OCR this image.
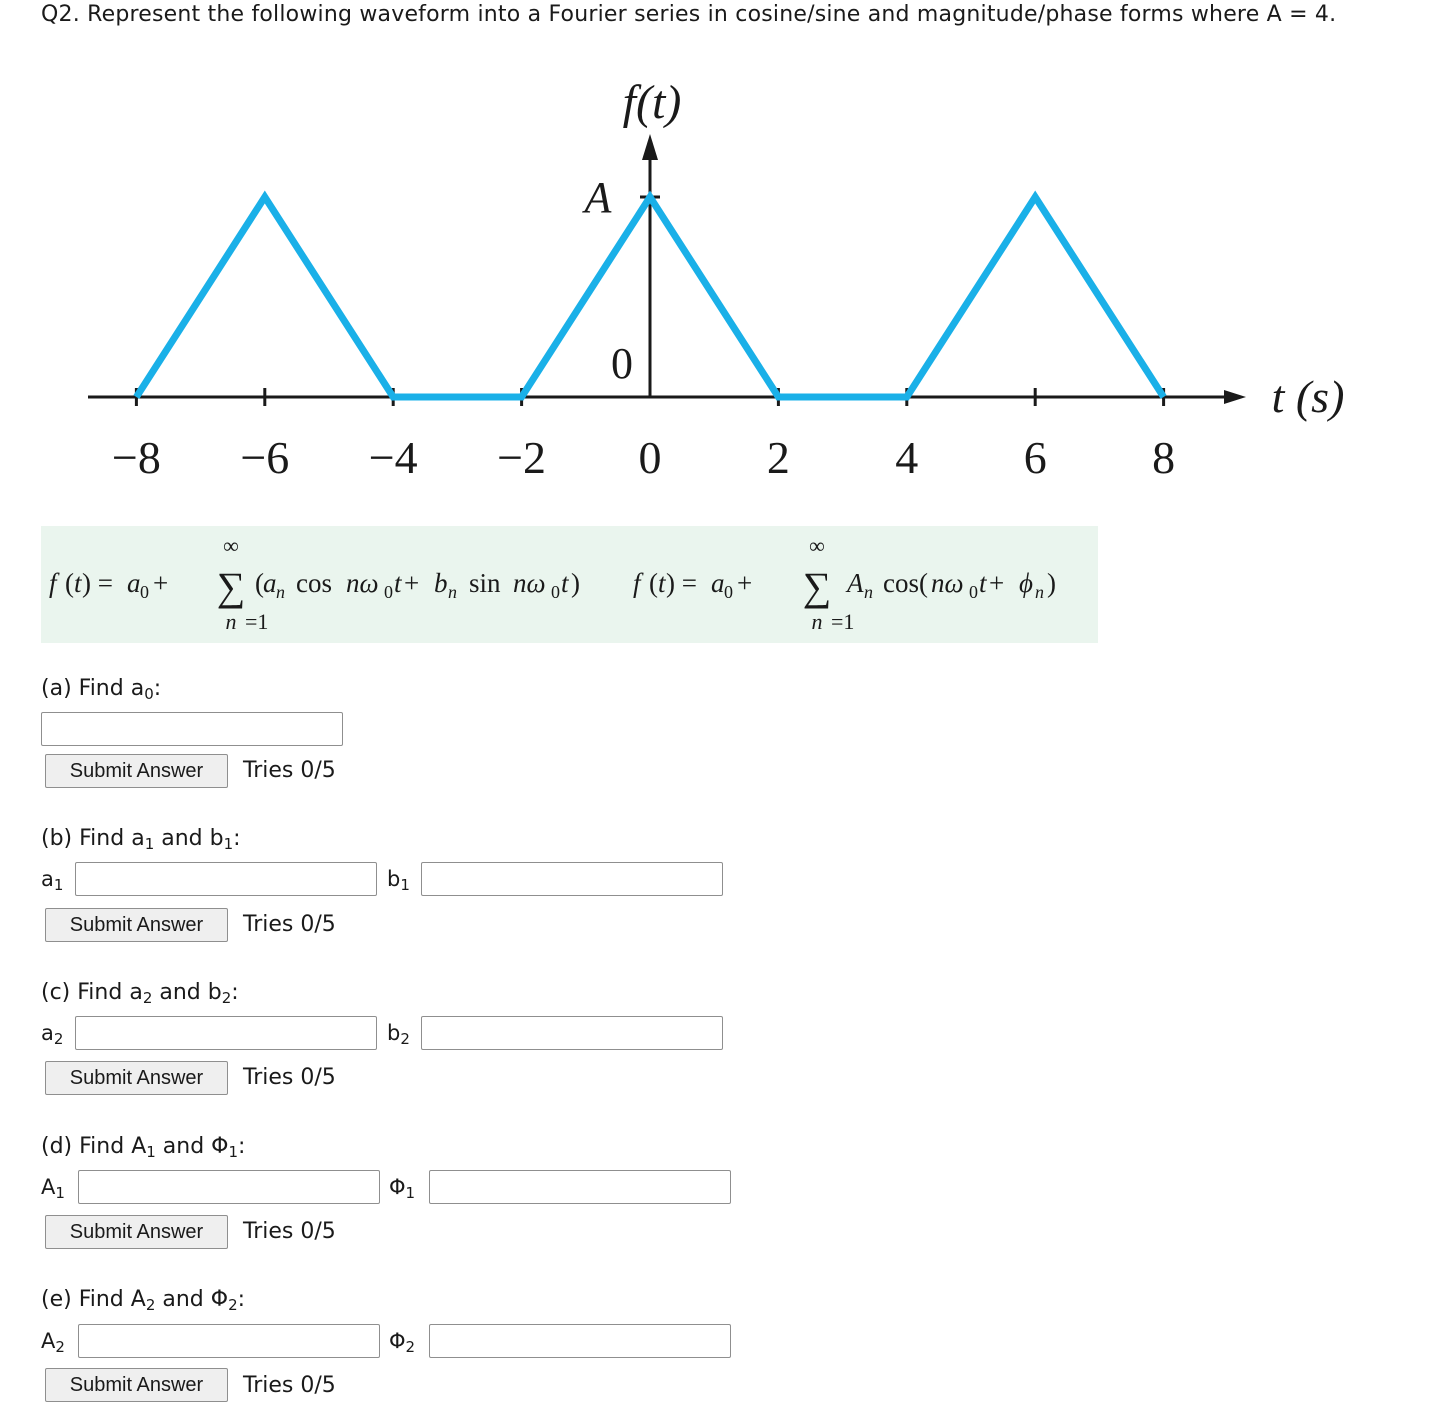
Q2. Represent the following waveform into a Fourier series in cosine/sine and magnitude/phase forms where A = 4.
f(t)
A
0
−8 −6 −4 −2 0 2 4 6 8
t (s)
f ( t ) = a 0 +
∞
∑
n =1
( a n cos nω 0 t + b n sin nω 0 t ) f ( t ) = a 0 +
∞
∑
n =1
A n cos( nω 0 t + ϕ n )
(a) Find $a_0$:
Submit Answer	Tries 0/5
(b) Find $a_1$ and $b_1$:
$a_1$	$b_1$
Submit Answer	Tries 0/5
(c) Find $a_2$ and $b_2$:
$a_2$	$b_2$
Submit Answer	Tries 0/5
(d) Find $A_1$ and $\Phi_1$:
$A_1$	$\Phi_1$
Submit Answer	Tries 0/5
(e) Find $A_2$ and $\Phi_2$:
$A_2$	$\Phi_2$
Submit Answer	Tries 0/5
